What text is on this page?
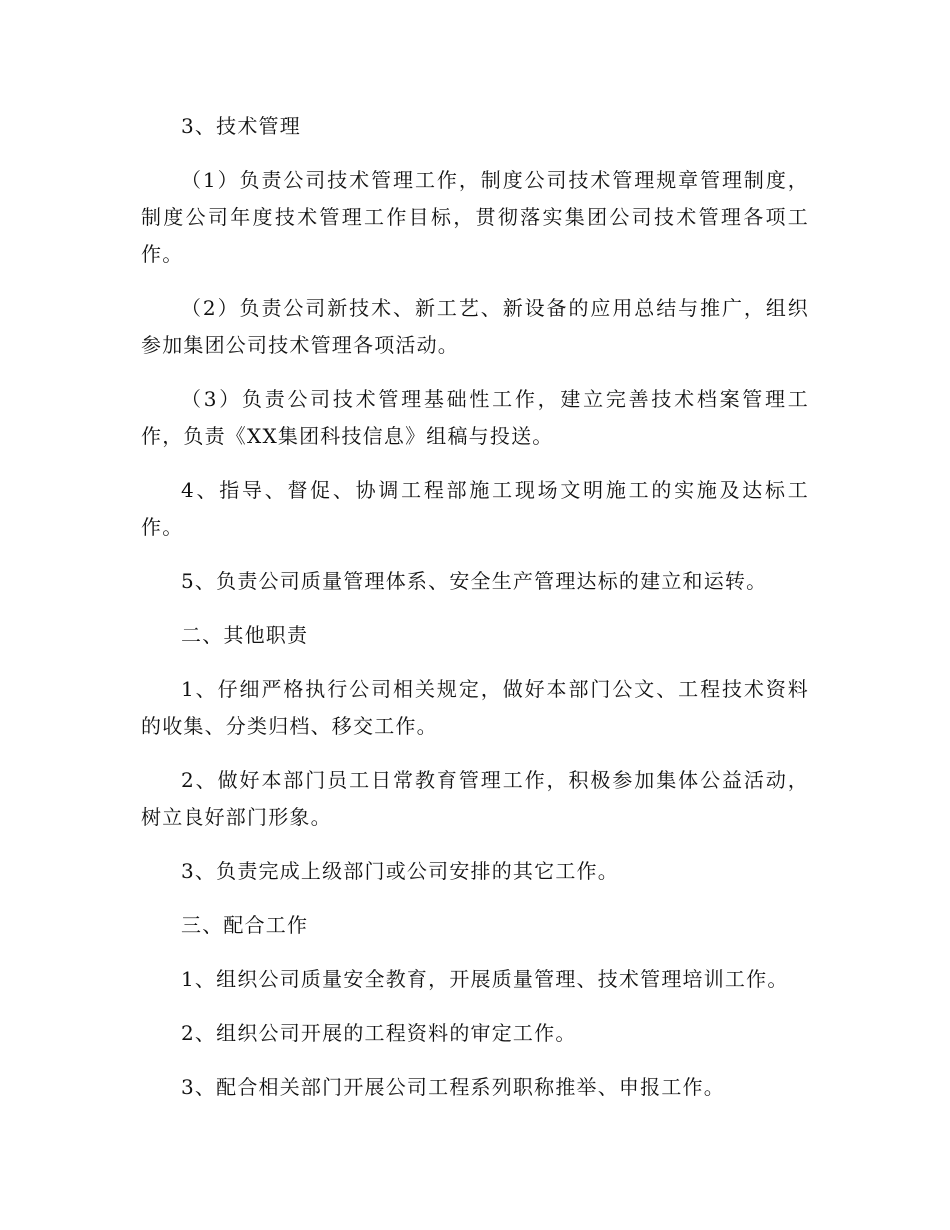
3、技术管理

（1）负责公司技术管理工作，制度公司技术管理规章管理制度，制度公司年度技术管理工作目标，贯彻落实集团公司技术管理各项工作。

（2）负责公司新技术、新工艺、新设备的应用总结与推广，组织参加集团公司技术管理各项活动。

（3）负责公司技术管理基础性工作，建立完善技术档案管理工作，负责《XX集团科技信息》组稿与投送。

4、指导、督促、协调工程部施工现场文明施工的实施及达标工作。

5、负责公司质量管理体系、安全生产管理达标的建立和运转。

二、其他职责

1、仔细严格执行公司相关规定，做好本部门公文、工程技术资料的收集、分类归档、移交工作。

2、做好本部门员工日常教育管理工作，积极参加集体公益活动，树立良好部门形象。

3、负责完成上级部门或公司安排的其它工作。

三、配合工作

1、组织公司质量安全教育，开展质量管理、技术管理培训工作。

2、组织公司开展的工程资料的审定工作。

3、配合相关部门开展公司工程系列职称推举、申报工作。
